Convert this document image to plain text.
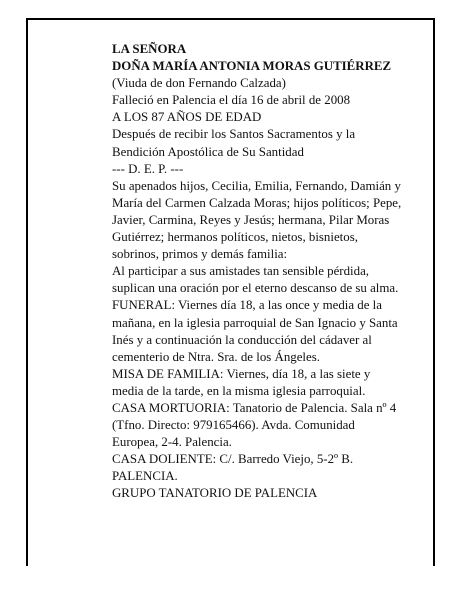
LA SEÑORA
DOÑA MARÍA ANTONIA MORAS GUTIÉRREZ
(Viuda de don Fernando Calzada)
Falleció en Palencia el día 16 de abril de 2008
A LOS 87 AÑOS DE EDAD
Después de recibir los Santos Sacramentos y la
Bendición Apostólica de Su Santidad
--- D. E. P. ---
Su apenados hijos, Cecilia, Emilia, Fernando, Damián y
María del Carmen Calzada Moras; hijos políticos; Pepe,
Javier, Carmina, Reyes y Jesús; hermana, Pilar Moras
Gutiérrez; hermanos políticos, nietos, bisnietos,
sobrinos, primos y demás familia:
Al participar a sus amistades tan sensible pérdida,
suplican una oración por el eterno descanso de su alma.
FUNERAL: Viernes día 18, a las once y media de la
mañana, en la iglesia parroquial de San Ignacio y Santa
Inés y a continuación la conducción del cádaver al
cementerio de Ntra. Sra. de los Ángeles.
MISA DE FAMILIA: Viernes, día 18, a las siete y
media de la tarde, en la misma iglesia parroquial.
CASA MORTUORIA: Tanatorio de Palencia. Sala nº 4
(Tfno. Directo: 979165466). Avda. Comunidad
Europea, 2-4. Palencia.
CASA DOLIENTE: C/. Barredo Viejo, 5-2º B.
PALENCIA.
GRUPO TANATORIO DE PALENCIA
